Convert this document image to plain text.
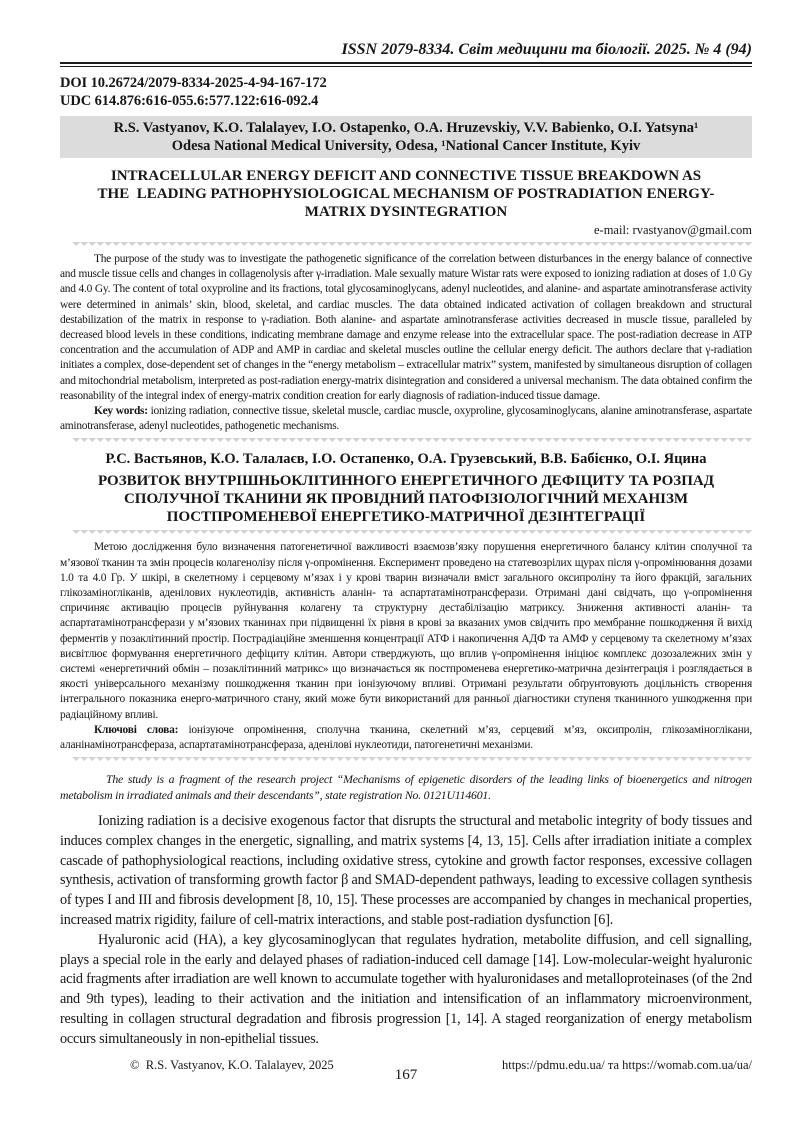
ISSN 2079-8334. Світ медицини та біології. 2025. № 4 (94)
DOI 10.26724/2079-8334-2025-4-94-167-172
UDC 614.876:616-055.6:577.122:616-092.4
R.S. Vastyanov, K.O. Talalayev, I.O. Ostapenko, O.A. Hruzevskiy, V.V. Babienko, O.I. Yatsyna¹
Odesa National Medical University, Odesa, ¹National Cancer Institute, Kyiv
INTRACELLULAR ENERGY DEFICIT AND CONNECTIVE TISSUE BREAKDOWN AS
THE  LEADING PATHOPHYSIOLOGICAL MECHANISM OF POSTRADIATION ENERGY-
MATRIX DYSINTEGRATION
e-mail: rvastyanov@gmail.com

The purpose of the study was to investigate the pathogenetic significance of the correlation between disturbances in the energy balance of connective and muscle tissue cells and changes in collagenolysis after γ-irradiation. Male sexually mature Wistar rats were exposed to ionizing radiation at doses of 1.0 Gy and 4.0 Gy. The content of total oxyproline and its fractions, total glycosaminoglycans, adenyl nucleotides, and alanine- and aspartate aminotransferase activity were determined in animals’ skin, blood, skeletal, and cardiac muscles. The data obtained indicated activation of collagen breakdown and structural destabilization of the matrix in response to γ-radiation. Both alanine- and aspartate aminotransferase activities decreased in muscle tissue, paralleled by decreased blood levels in these conditions, indicating membrane damage and enzyme release into the extracellular space. The post-radiation decrease in ATP concentration and the accumulation of ADP and AMP in cardiac and skeletal muscles outline the cellular energy deficit. The authors declare that γ-radiation initiates a complex, dose-dependent set of changes in the “energy metabolism – extracellular matrix” system, manifested by simultaneous disruption of collagen and mitochondrial metabolism, interpreted as post-radiation energy-matrix disintegration and considered a universal mechanism. The data obtained confirm the reasonability of the integral index of energy-matrix condition creation for early diagnosis of radiation-induced tissue damage.

Key words: ionizing radiation, connective tissue, skeletal muscle, cardiac muscle, oxyproline, glycosaminoglycans, alanine aminotransferase, aspartate aminotransferase, adenyl nucleotides, pathogenetic mechanisms.

Р.С. Вастьянов, К.О. Талалаєв, І.О. Остапенко, О.А. Грузевський, В.В. Бабієнко, О.І. Яцина
РОЗВИТОК ВНУТРІШНЬОКЛІТИННОГО ЕНЕРГЕТИЧНОГО ДЕФІЦИТУ ТА РОЗПАД
СПОЛУЧНОЇ ТКАНИНИ ЯК ПРОВІДНИЙ ПАТОФІЗІОЛОГІЧНИЙ МЕХАНІЗМ
ПОСТПРОМЕНЕВОЇ ЕНЕРГЕТИКО-МАТРИЧНОЇ ДЕЗІНТЕГРАЦІЇ

Метою дослідження було визначення патогенетичної важливості взаємозв’язку порушення енергетичного балансу клітин сполучної та м’язової тканин та змін процесів колагенолізу після γ-опромінення. Експеримент проведено на статевозрілих щурах після γ-опромінювання дозами 1.0 та 4.0 Гр. У шкірі, в скелетному і серцевому м’язах і у крові тварин визначали вміст загального оксипроліну та його фракцій, загальних глікозаміногліканів, аденілових нуклеотидів, активність аланін- та аспартатамінотрансферази. Отримані дані свідчать, що γ-опромінення спричиняє активацію процесів руйнування колагену та структурну дестабілізацію матриксу. Зниження активності аланін- та аспартатамінотрансферази у м’язових тканинах при підвищенні їх рівня в крові за вказаних умов свідчить про мембранне пошкодження й вихід ферментів у позаклітинний простір. Пострадіаційне зменшення концентрації АТФ і накопичення АДФ та АМФ у серцевому та скелетному м’язах висвітлює формування енергетичного дефіциту клітин. Автори стверджують, що вплив γ-опромінення ініціює комплекс дозозалежних змін у системі «енергетичний обмін – позаклітинний матрикс» що визначається як постпроменева енергетико-матрична дезінтеграція і розглядається в якості універсального механізму пошкодження тканин при іонізуючому впливі. Отримані результати обґрунтовують доцільність створення інтегрального показника енерго-матричного стану, який може бути використаний для ранньої діагностики ступеня тканинного ушкодження при радіаційному впливі.

Ключові слова: іонізуюче опромінення, сполучна тканина, скелетний м’яз, серцевий м’яз, оксипролін, глікозаміноглікани, аланінамінотрансфераза, аспартатамінотрансфераза, аденілові нуклеотиди, патогенетичні механізми.

The study is a fragment of the research project “Mechanisms of epigenetic disorders of the leading links of bioenergetics and nitrogen metabolism in irradiated animals and their descendants”, state registration No. 0121U114601.

Ionizing radiation is a decisive exogenous factor that disrupts the structural and metabolic integrity of body tissues and induces complex changes in the energetic, signalling, and matrix systems [4, 13, 15]. Cells after irradiation initiate a complex cascade of pathophysiological reactions, including oxidative stress, cytokine and growth factor responses, excessive collagen synthesis, activation of transforming growth factor β and SMAD-dependent pathways, leading to excessive collagen synthesis of types I and III and fibrosis development [8, 10, 15]. These processes are accompanied by changes in mechanical properties, increased matrix rigidity, failure of cell-matrix interactions, and stable post-radiation dysfunction [6].

Hyaluronic acid (HA), a key glycosaminoglycan that regulates hydration, metabolite diffusion, and cell signalling, plays a special role in the early and delayed phases of radiation-induced cell damage [14]. Low-molecular-weight hyaluronic acid fragments after irradiation are well known to accumulate together with hyaluronidases and metalloproteinases (of the 2nd and 9th types), leading to their activation and the initiation and intensification of an inflammatory microenvironment, resulting in collagen structural degradation and fibrosis progression [1, 14]. A staged reorganization of energy metabolism occurs simultaneously in non-epithelial tissues.

©  R.S. Vastyanov, K.O. Talalayev, 2025
167
https://pdmu.edu.ua/ та https://womab.com.ua/ua/
